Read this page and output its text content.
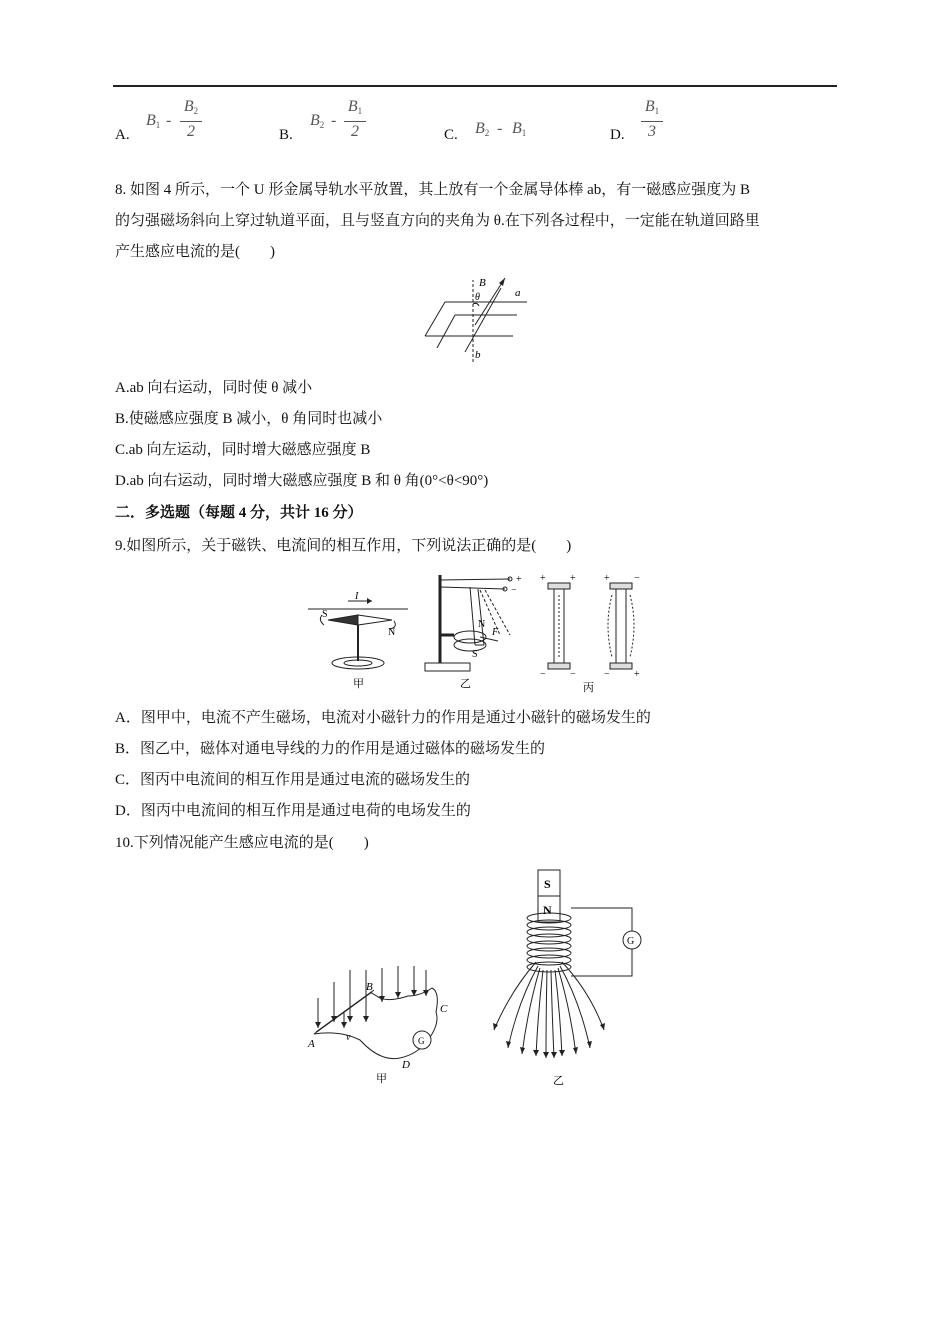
A.
$B_1$ -
$B_2$
2	B.
$B_2$ -
$B_1$
2	C. $B_2 - B_1$	D.
$B_1$
3
8. 如图 4 所示，一个 U 形金属导轨水平放置，其上放有一个金属导体棒 ab，有一磁感应强度为 B
的匀强磁场斜向上穿过轨道平面，且与竖直方向的夹角为 θ.在下列各过程中，一定能在轨道回路里
产生感应电流的是(　　)
B
θ	a
b
A.ab 向右运动，同时使 θ 减小
B.使磁感应强度 B 减小，θ 角同时也减小
C.ab 向左运动，同时增大磁感应强度 B
D.ab 向右运动，同时增大磁感应强度 B 和 θ 角(0°<θ<90°)
二．多选题（每题 4 分，共计 16 分）
9.如图所示，关于磁铁、电流间的相互作用，下列说法正确的是(　　)
I
S
N
甲
+
−
N
S
F
乙
+ +
− −
+ −
− +
丙
A．图甲中，电流不产生磁场，电流对小磁针力的作用是通过小磁针的磁场发生的
B．图乙中，磁体对通电导线的力的作用是通过磁体的磁场发生的
C．图丙中电流间的相互作用是通过电流的磁场发生的
D．图丙中电流间的相互作用是通过电荷的电场发生的
10.下列情况能产生感应电流的是(　　)
A
B
C
D
v	G
甲
S
N
G
乙
